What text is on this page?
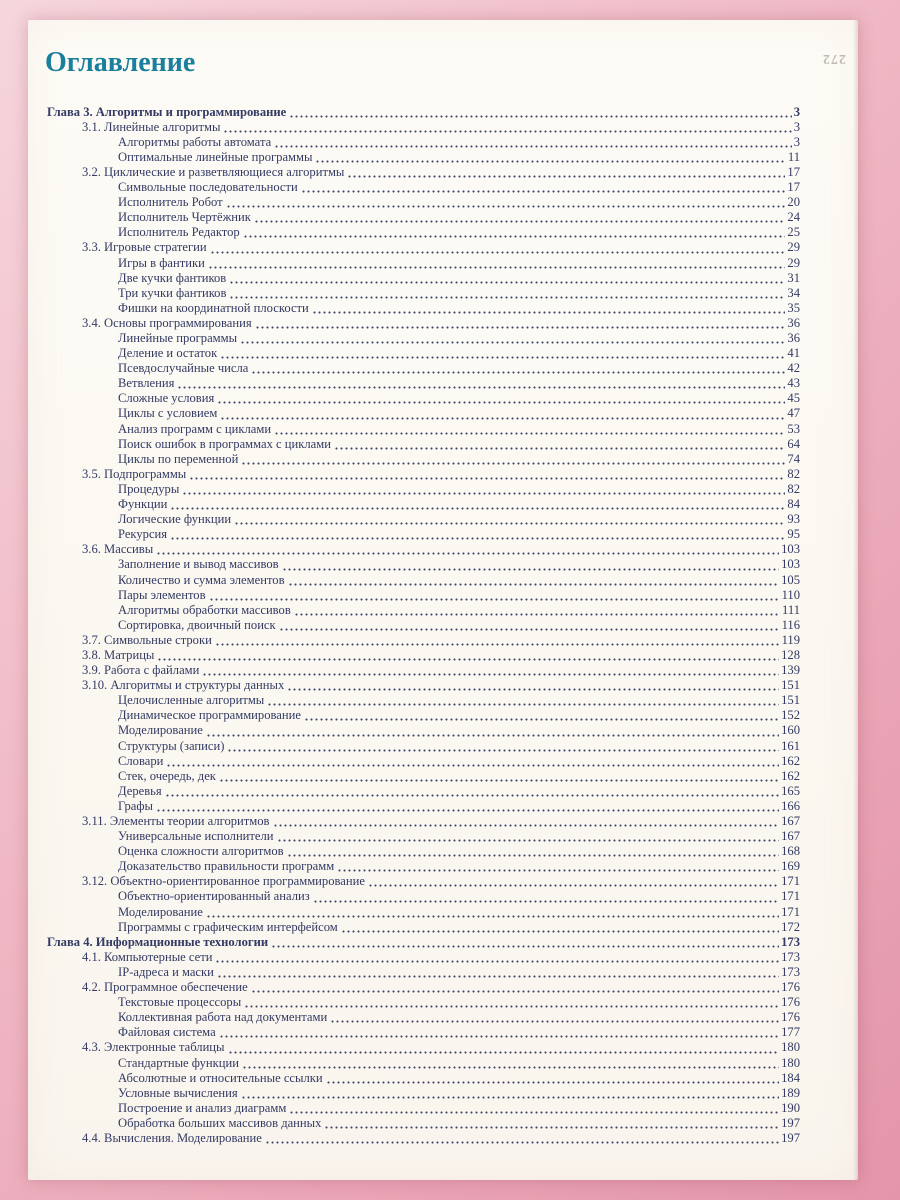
272
Оглавление
Глава 3. Алгоритмы и программирование	3
3.1. Линейные алгоритмы	3
Алгоритмы работы автомата	3
Оптимальные линейные программы	11
3.2. Циклические и разветвляющиеся алгоритмы	17
Символьные последовательности	17
Исполнитель Робот	20
Исполнитель Чертёжник	24
Исполнитель Редактор	25
3.3. Игровые стратегии	29
Игры в фантики	29
Две кучки фантиков	31
Три кучки фантиков	34
Фишки на координатной плоскости	35
3.4. Основы программирования	36
Линейные программы	36
Деление и остаток	41
Псевдослучайные числа	42
Ветвления	43
Сложные условия	45
Циклы с условием	47
Анализ программ с циклами	53
Поиск ошибок в программах с циклами	64
Циклы по переменной	74
3.5. Подпрограммы	82
Процедуры	82
Функции	84
Логические функции	93
Рекурсия	95
3.6. Массивы	103
Заполнение и вывод массивов	103
Количество и сумма элементов	105
Пары элементов	110
Алгоритмы обработки массивов	111
Сортировка, двоичный поиск	116
3.7. Символьные строки	119
3.8. Матрицы	128
3.9. Работа с файлами	139
3.10. Алгоритмы и структуры данных	151
Целочисленные алгоритмы	151
Динамическое программирование	152
Моделирование	160
Структуры (записи)	161
Словари	162
Стек, очередь, дек	162
Деревья	165
Графы	166
3.11. Элементы теории алгоритмов	167
Универсальные исполнители	167
Оценка сложности алгоритмов	168
Доказательство правильности программ	169
3.12. Объектно-ориентированное программирование	171
Объектно-ориентированный анализ	171
Моделирование	171
Программы с графическим интерфейсом	172
Глава 4. Информационные технологии	173
4.1. Компьютерные сети	173
IP-адреса и маски	173
4.2. Программное обеспечение	176
Текстовые процессоры	176
Коллективная работа над документами	176
Файловая система	177
4.3. Электронные таблицы	180
Стандартные функции	180
Абсолютные и относительные ссылки	184
Условные вычисления	189
Построение и анализ диаграмм	190
Обработка больших массивов данных	197
4.4. Вычисления. Моделирование	197
